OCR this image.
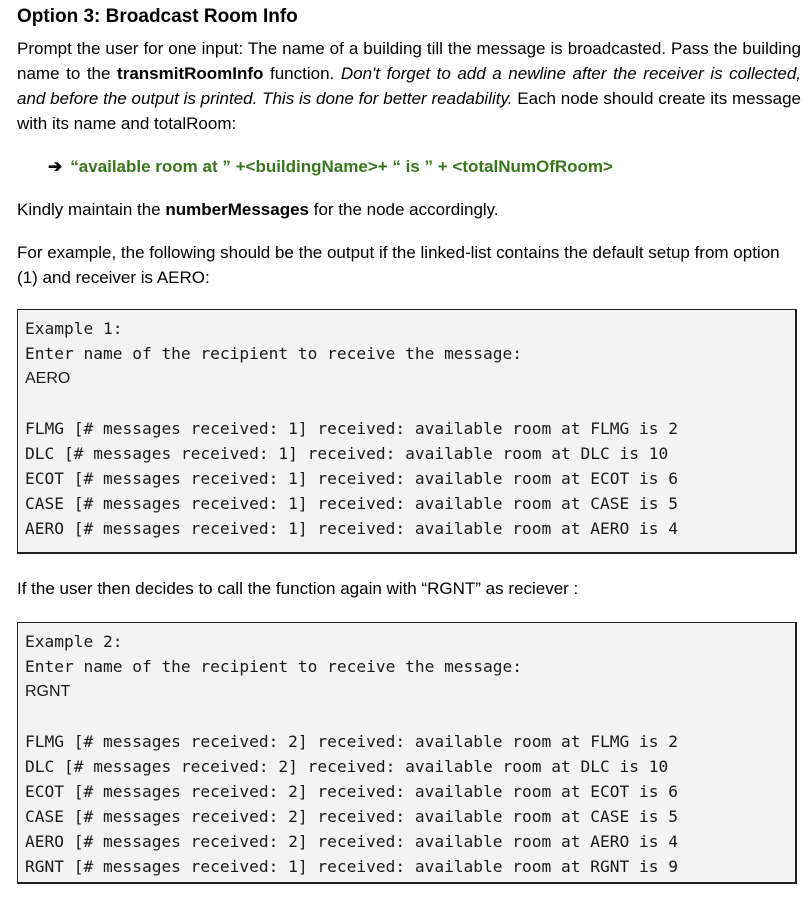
Option 3: Broadcast Room Info
Prompt the user for one input: The name of a building till the message is broadcasted. Pass the building name to the transmitRoomInfo function. Don't forget to add a newline after the receiver is collected, and before the output is printed. This is done for better readability. Each node should create its message with its name and totalRoom:
➔ “available room at ” +<buildingName>+ “ is ” + <totalNumOfRoom>
Kindly maintain the numberMessages for the node accordingly.
For example, the following should be the output if the linked-list contains the default setup from option (1) and receiver is AERO:
Example 1:
Enter name of the recipient to receive the message:
AERO
FLMG [# messages received: 1] received: available room at FLMG is 2
DLC [# messages received: 1] received: available room at DLC is 10
ECOT [# messages received: 1] received: available room at ECOT is 6
CASE [# messages received: 1] received: available room at CASE is 5
AERO [# messages received: 1] received: available room at AERO is 4
If the user then decides to call the function again with “RGNT” as reciever :
Example 2:
Enter name of the recipient to receive the message:
RGNT
FLMG [# messages received: 2] received: available room at FLMG is 2
DLC [# messages received: 2] received: available room at DLC is 10
ECOT [# messages received: 2] received: available room at ECOT is 6
CASE [# messages received: 2] received: available room at CASE is 5
AERO [# messages received: 2] received: available room at AERO is 4
RGNT [# messages received: 1] received: available room at RGNT is 9
